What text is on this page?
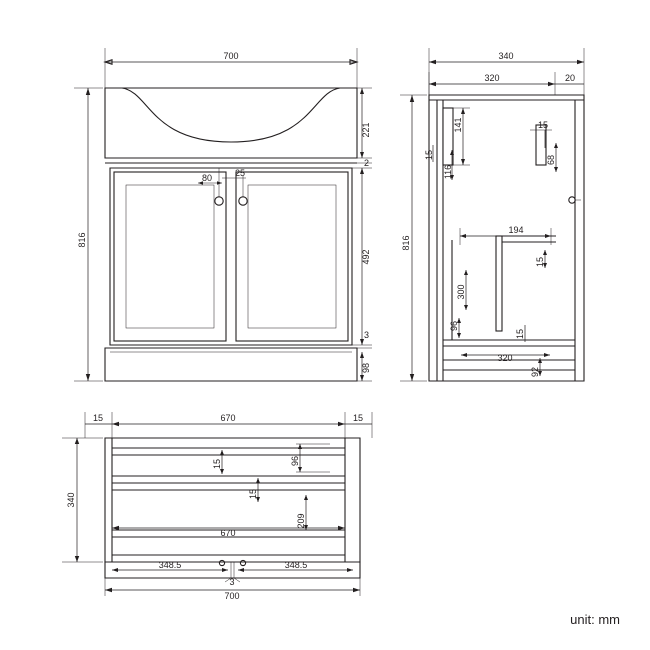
700
80	25
816
221
2
492
3
98
340
320	20
141
15
116
15
68
816
194
15
300
96
15
320
92
15	670	15
340
15	96
15
209
670
348.5	348.5
3
700
unit: mm
